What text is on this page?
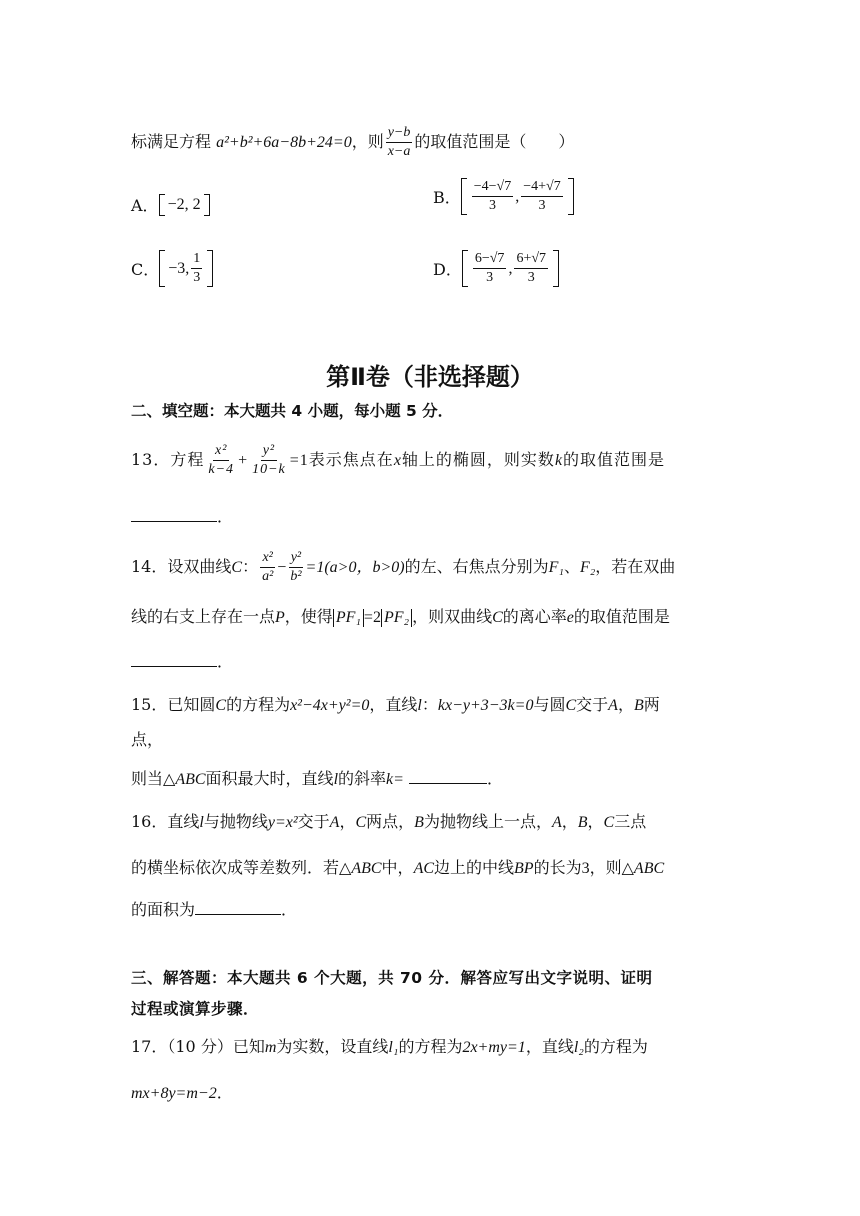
标满足方程 a²+b²+6a−8b+24=0，则 $\frac{y-b}{x-a}$ 的取值范围是（　　）
A． −2, 2	B． $\frac{-4-√7}{3}$ , $\frac{-4+√7}{3}$
C． −3, $\frac{1}{3}$	D． $\frac{6-√7}{3}$ , $\frac{6+√7}{3}$
第Ⅱ卷（非选择题）
二、填空题：本大题共 4 小题，每小题 5 分．
13．方程 $\frac{\text{x²}}{k-4} + \frac{\text{y²}}{10-k} =1$表示焦点在x轴上的椭圆，则实数k的取值范围是
．
14．设双曲线C： $\frac{\text{x²}}{\text{a²}} - \frac{\text{y²}}{\text{b²}} =1(a>0$，b>0)的左、右焦点分别为F₁、F₂，若在双曲
线的右支上存在一点P，使得 PF₁ =2 PF₂ ，则双曲线C的离心率e的取值范围是
．
15．已知圆C的方程为x²−4x+y²=0，直线l：kx−y+3−3k=0与圆C交于A，B两
点，
则当△ABC面积最大时，直线l的斜率k=	．
16．直线l与抛物线y=x²交于A，C两点，B为抛物线上一点，A，B，C三点
的横坐标依次成等差数列．若△ABC中，AC边上的中线BP的长为3，则△ABC
的面积为	．
三、解答题：本大题共 6 个大题，共 70 分．解答应写出文字说明、证明
过程或演算步骤．
17．（10 分）已知m为实数，设直线l₁的方程为2x+my=1，直线l₂的方程为
mx+8y=m−2．
